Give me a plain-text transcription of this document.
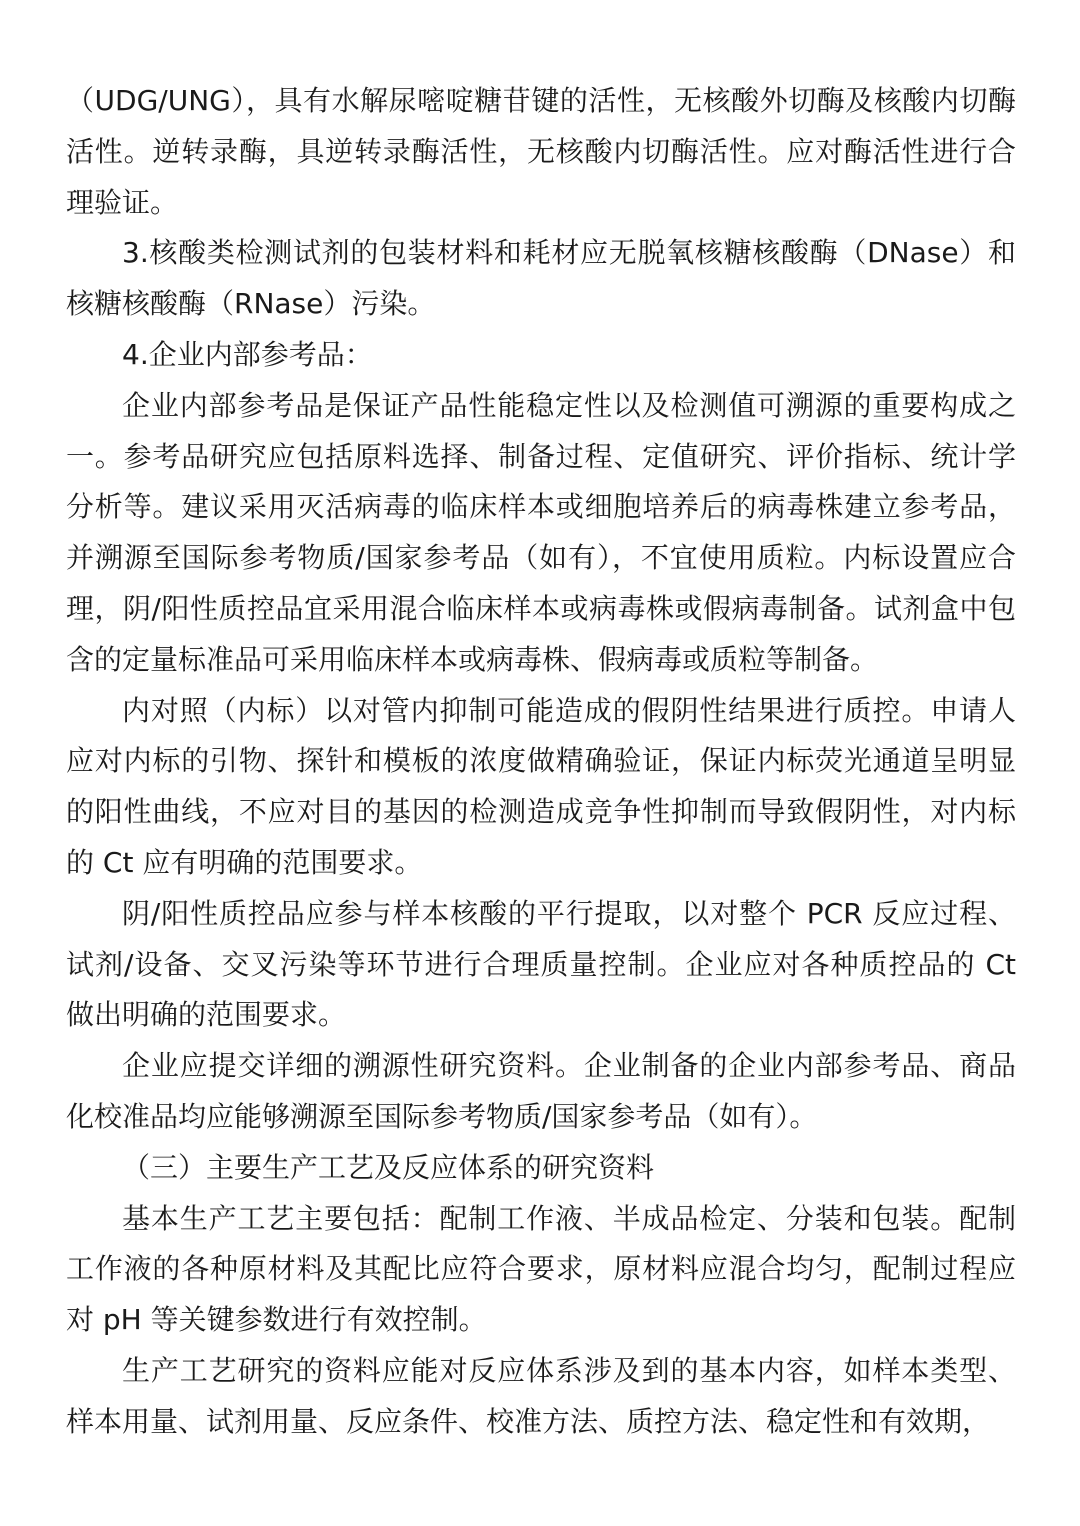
（UDG/UNG），具有水解尿嘧啶糖苷键的活性，无核酸外切酶及核酸内切酶活性。逆转录酶，具逆转录酶活性，无核酸内切酶活性。应对酶活性进行合理验证。

3.核酸类检测试剂的包装材料和耗材应无脱氧核糖核酸酶（DNase）和核糖核酸酶（RNase）污染。

4.企业内部参考品：

企业内部参考品是保证产品性能稳定性以及检测值可溯源的重要构成之一。参考品研究应包括原料选择、制备过程、定值研究、评价指标、统计学分析等。建议采用灭活病毒的临床样本或细胞培养后的病毒株建立参考品，并溯源至国际参考物质/国家参考品（如有），不宜使用质粒。内标设置应合理，阴/阳性质控品宜采用混合临床样本或病毒株或假病毒制备。试剂盒中包含的定量标准品可采用临床样本或病毒株、假病毒或质粒等制备。

内对照（内标）以对管内抑制可能造成的假阴性结果进行质控。申请人应对内标的引物、探针和模板的浓度做精确验证，保证内标荧光通道呈明显的阳性曲线，不应对目的基因的检测造成竞争性抑制而导致假阴性，对内标的 Ct 应有明确的范围要求。

阴/阳性质控品应参与样本核酸的平行提取，以对整个 PCR 反应过程、试剂/设备、交叉污染等环节进行合理质量控制。企业应对各种质控品的 Ct 做出明确的范围要求。

企业应提交详细的溯源性研究资料。企业制备的企业内部参考品、商品化校准品均应能够溯源至国际参考物质/国家参考品（如有）。

（三）主要生产工艺及反应体系的研究资料

基本生产工艺主要包括：配制工作液、半成品检定、分装和包装。配制工作液的各种原材料及其配比应符合要求，原材料应混合均匀，配制过程应对 pH 等关键参数进行有效控制。

生产工艺研究的资料应能对反应体系涉及到的基本内容，如样本类型、样本用量、试剂用量、反应条件、校准方法、质控方法、稳定性和有效期，
